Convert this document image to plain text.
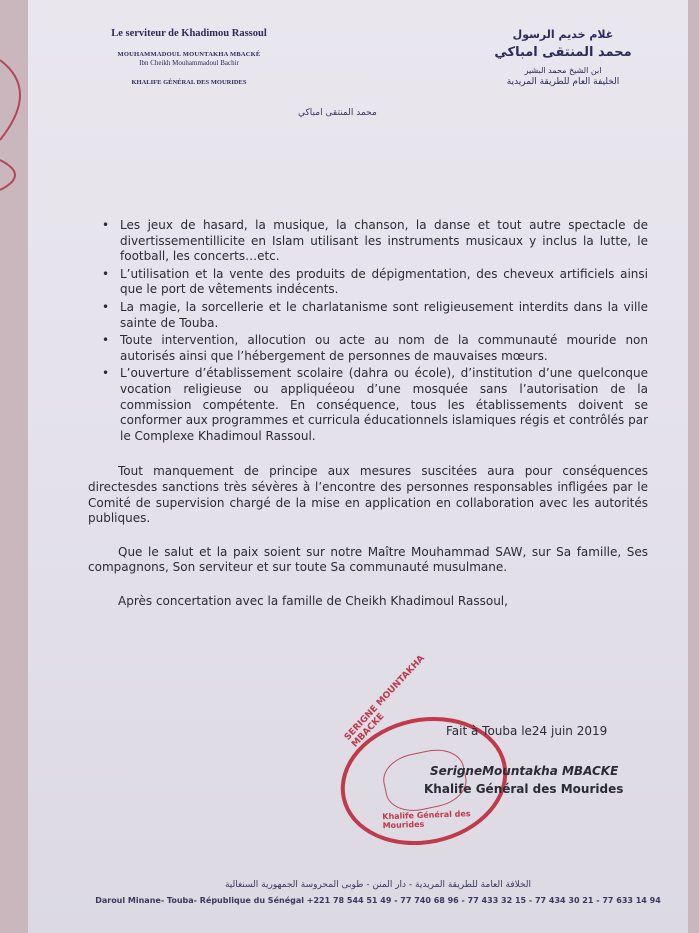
Le serviteur de Khadimou Rassoul
MOUHAMMADOUL MOUNTAKHA MBACKÉ
Ibn Cheikh Mouhammadoul Bachir
KHALIFE GÉNÉRAL DES MOURIDES
غلام خديم الرسول
محمد المنتقى امباكي
ابن الشيخ محمد البشير
الخليفة العام للطريقة المريدية
محمد المنتقى امباكي
• Les jeux de hasard, la musique, la chanson, la danse et tout autre spectacle de divertissementillicite en Islam utilisant les instruments musicaux y inclus la lutte, le football, les concerts…etc.
• L’utilisation et la vente des produits de dépigmentation, des cheveux artificiels ainsi que le port de vêtements indécents.
• La magie, la sorcellerie et le charlatanisme sont religieusement interdits dans la ville sainte de Touba.
• Toute intervention, allocution ou acte au nom de la communauté mouride non autorisés ainsi que l’hébergement de personnes de mauvaises mœurs.
• L’ouverture d’établissement scolaire (dahra ou école), d’institution d’une quelconque vocation religieuse ou appliquéeou d’une mosquée sans l’autorisation de la commission compétente. En conséquence, tous les établissements doivent se conformer aux programmes et curricula éducationnels islamiques régis et contrôlés par le Complexe Khadimoul Rassoul.
Tout manquement de principe aux mesures suscitées aura pour conséquences directesdes sanctions très sévères à l’encontre des personnes responsables infligées par le Comité de supervision chargé de la mise en application en collaboration avec les autorités publiques.
Que le salut et la paix soient sur notre Maître Mouhammad SAW, sur Sa famille, Ses compagnons, Son serviteur et sur toute Sa communauté musulmane.
Après concertation avec la famille de Cheikh Khadimoul Rassoul,
SERIGNE MOUNTAKHA MBACKE
Khalife Général des Mourides
Fait à Touba le24 juin 2019
SerigneMountakha MBACKE
Khalife Général des Mourides
الخلافة العامة للطريقة المريدية - دار المنن - طوبى المحروسة الجمهورية السنغالية
Daroul Minane- Touba- République du Sénégal +221 78 544 51 49 - 77 740 68 96 - 77 433 32 15 - 77 434 30 21 - 77 633 14 94
